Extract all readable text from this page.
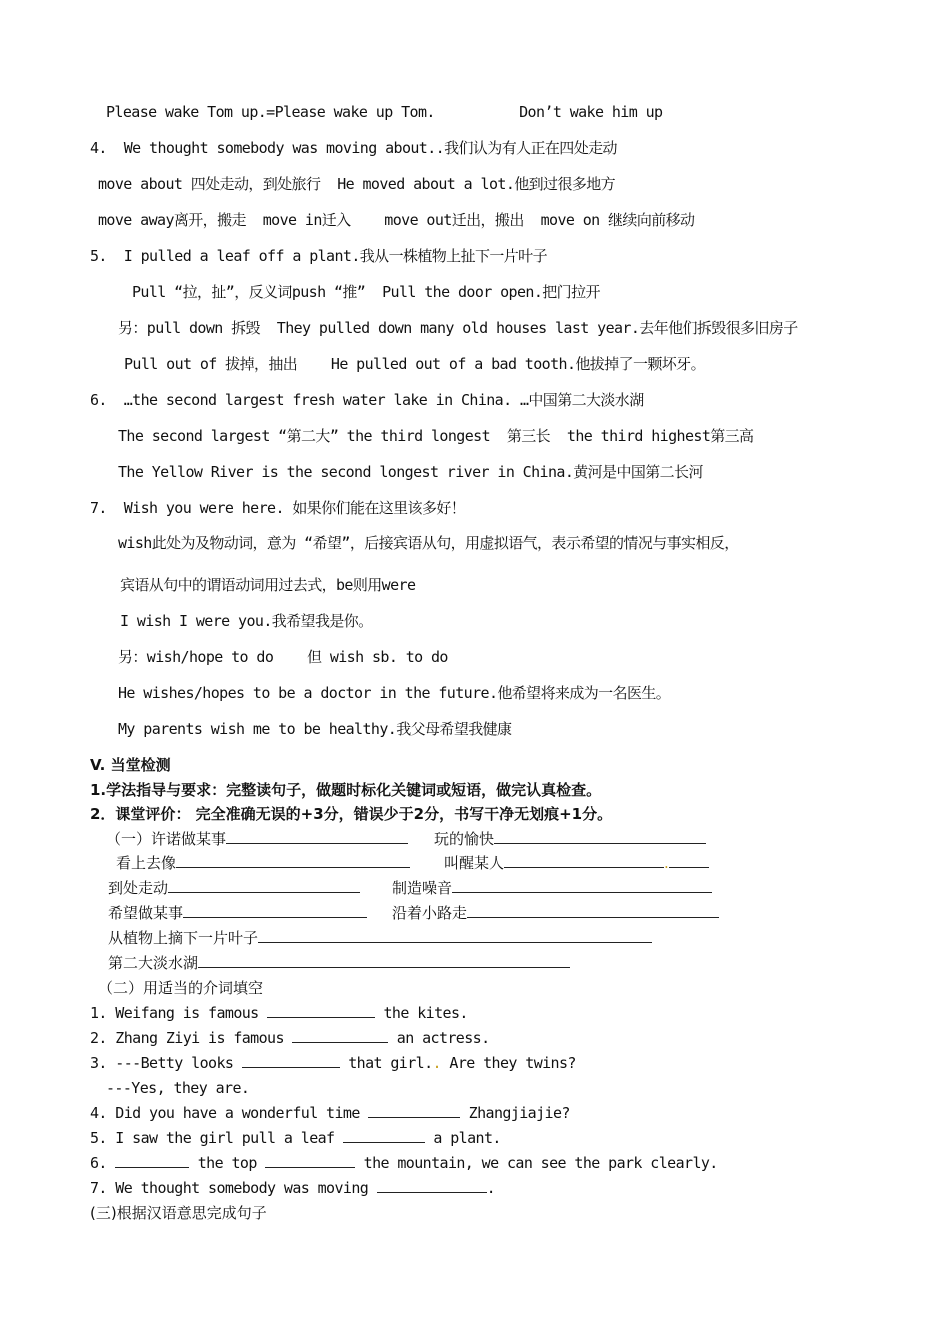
Please wake Tom up.=Please wake up Tom.          Don’t wake him up
4.  We thought somebody was moving about..我们认为有人正在四处走动
move about 四处走动，到处旅行  He moved about a lot.他到过很多地方
move away离开，搬走  move in迁入    move out迁出，搬出  move on 继续向前移动
5.  I pulled a leaf off a plant.我从一株植物上扯下一片叶子
Pull “拉，扯”，反义词push “推”  Pull the door open.把门拉开
另：pull down 拆毁  They pulled down many old houses last year.去年他们拆毁很多旧房子
Pull out of 拔掉，抽出    He pulled out of a bad tooth.他拔掉了一颗坏牙。
6.  …the second largest fresh water lake in China. …中国第二大淡水湖
The second largest “第二大” the third longest  第三长  the third highest第三高
The Yellow River is the second longest river in China.黄河是中国第二长河
7.  Wish you were here. 如果你们能在这里该多好！
wish此处为及物动词，意为 “希望”，后接宾语从句，用虚拟语气，表示希望的情况与事实相反，
宾语从句中的谓语动词用过去式，be则用were
I wish I were you.我希望我是你。
另：wish/hope to do    但 wish sb. to do
He wishes/hopes to be a doctor in the future.他希望将来成为一名医生。
My parents wish me to be healthy.我父母希望我健康
V. 当堂检测
1.学法指导与要求：完整读句子，做题时标化关键词或短语，做完认真检查。
2．课堂评价： 完全准确无误的+3分，错误少于2分，书写干净无划痕+1分。
（一）许诺做某事	玩的愉快
看上去像	叫醒某人	.
到处走动	制造噪音
希望做某事	沿着小路走
从植物上摘下一片叶子
第二大淡水湖
（二）用适当的介词填空
1. Weifang is famous	the kites.
2. Zhang Ziyi is famous	an actress.
3. ---Betty looks	that girl.. Are they twins?
---Yes, they are.
4. Did you have a wonderful time	Zhangjiajie?
5. I saw the girl pull a leaf	a plant.
6.	the top	the mountain, we can see the park clearly.
7. We thought somebody was moving	.
(三)根据汉语意思完成句子
